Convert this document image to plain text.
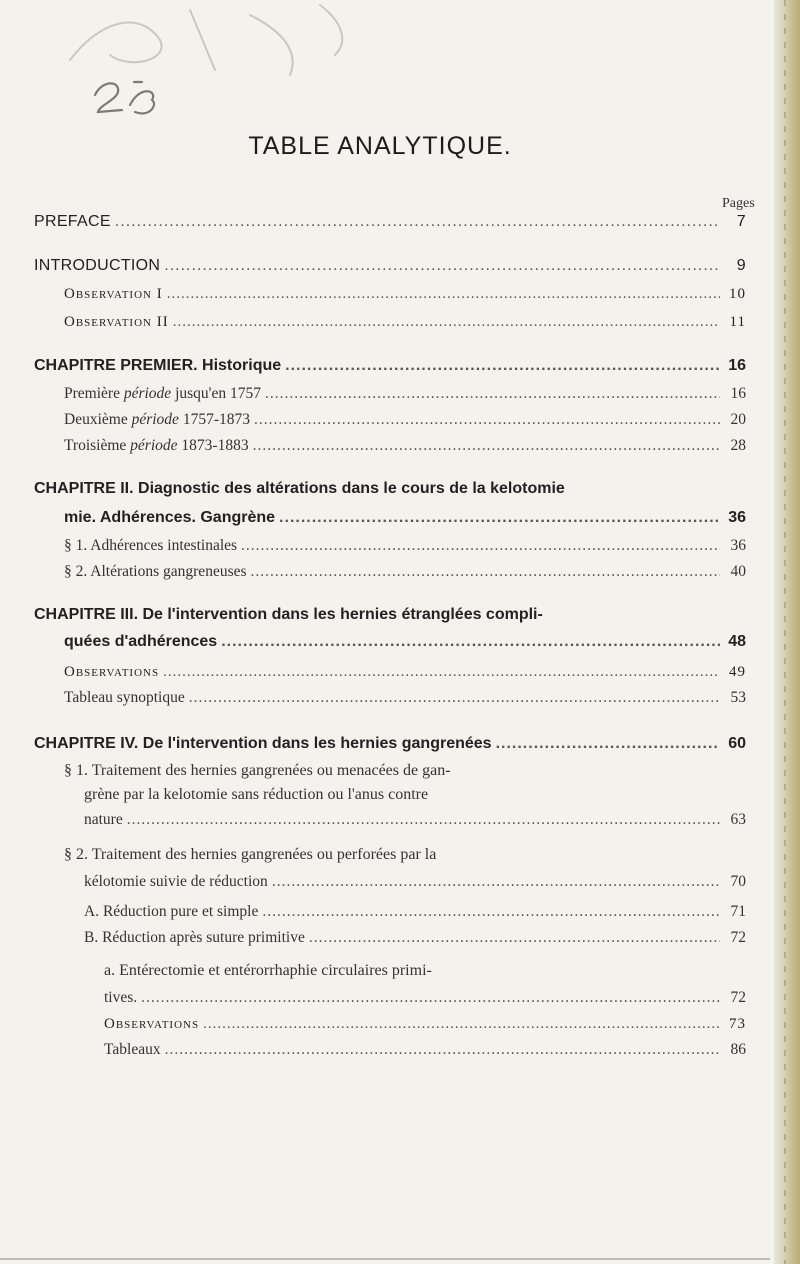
TABLE ANALYTIQUE.
Pages
PREFACE .....	7
INTRODUCTION .....	9
Observation I .....	10
Observation II .....	11
CHAPITRE PREMIER. Historique .....	16
Première période jusqu'en 1757 .....	16
Deuxième période 1757-1873 .....	20
Troisième période 1873-1883 .....	28
CHAPITRE II. Diagnostic des altérations dans le cours de la kelotomie
mie. Adhérences. Gangrène .....	36
§ 1. Adhérences intestinales .....	36
§ 2. Altérations gangreneuses .....	40
CHAPITRE III. De l'intervention dans les hernies étranglées compli-
quées d'adhérences .....	48
Observations .....	49
Tableau synoptique .....	53
CHAPITRE IV. De l'intervention dans les hernies gangrenées .....	60
§ 1. Traitement des hernies gangrenées ou menacées de gan-
grène par la kelotomie sans réduction ou l'anus contre
nature .....	63
§ 2. Traitement des hernies gangrenées ou perforées par la
kélotomie suivie de réduction .....	70
A. Réduction pure et simple .....	71
B. Réduction après suture primitive .....	72
a. Entérectomie et entérorrhaphie circulaires primi-
tives. .....	72
Observations .....	73
Tableaux .....	86
